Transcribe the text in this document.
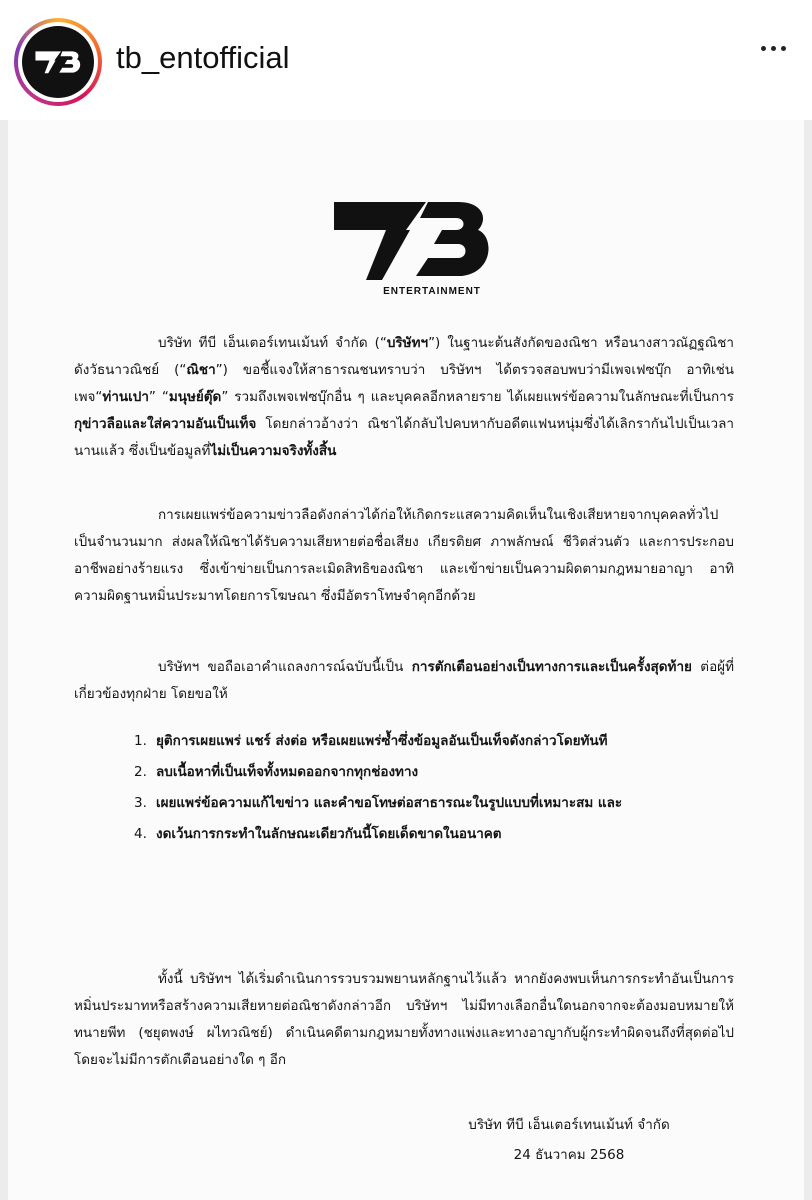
tb_entofficial
ENTERTAINMENT

บริษัท ทีบี เอ็นเตอร์เทนเม้นท์ จำกัด (“บริษัทฯ”) ในฐานะต้นสังกัดของณิชา หรือนางสาวณัฏฐณิชา ดังวัธนาวณิชย์ (“ณิชา”) ขอชี้แจงให้สาธารณชนทราบว่า บริษัทฯ ได้ตรวจสอบพบว่ามีเพจเฟซบุ๊ก อาทิเช่น เพจ“ท่านเปา” “มนุษย์ตุ๊ด” รวมถึงเพจเฟซบุ๊กอื่น ๆ และบุคคลอีกหลายราย ได้เผยแพร่ข้อความในลักษณะที่เป็นการ กุข่าวลือและใส่ความอันเป็นเท็จ โดยกล่าวอ้างว่า ณิชาได้กลับไปคบหากับอดีตแฟนหนุ่มซึ่งได้เลิกรากันไปเป็นเวลานานแล้ว ซึ่งเป็นข้อมูลที่ไม่เป็นความจริงทั้งสิ้น

การเผยแพร่ข้อความข่าวลือดังกล่าวได้ก่อให้เกิดกระแสความคิดเห็นในเชิงเสียหายจากบุคคลทั่วไปเป็นจำนวนมาก ส่งผลให้ณิชาได้รับความเสียหายต่อชื่อเสียง เกียรติยศ ภาพลักษณ์ ชีวิตส่วนตัว และการประกอบอาชีพอย่างร้ายแรง ซึ่งเข้าข่ายเป็นการละเมิดสิทธิของณิชา และเข้าข่ายเป็นความผิดตามกฎหมายอาญา อาทิ ความผิดฐานหมิ่นประมาทโดยการโฆษณา ซึ่งมีอัตราโทษจำคุกอีกด้วย

บริษัทฯ ขอถือเอาคำแถลงการณ์ฉบับนี้เป็น การตักเตือนอย่างเป็นทางการและเป็นครั้งสุดท้าย ต่อผู้ที่เกี่ยวข้องทุกฝ่าย โดยขอให้

1. ยุติการเผยแพร่ แชร์ ส่งต่อ หรือเผยแพร่ซ้ำซึ่งข้อมูลอันเป็นเท็จดังกล่าวโดยทันที
2. ลบเนื้อหาที่เป็นเท็จทั้งหมดออกจากทุกช่องทาง
3. เผยแพร่ข้อความแก้ไขข่าว และคำขอโทษต่อสาธารณะในรูปแบบที่เหมาะสม และ
4. งดเว้นการกระทำในลักษณะเดียวกันนี้โดยเด็ดขาดในอนาคต

ทั้งนี้ บริษัทฯ ได้เริ่มดำเนินการรวบรวมพยานหลักฐานไว้แล้ว หากยังคงพบเห็นการกระทำอันเป็นการหมิ่นประมาทหรือสร้างความเสียหายต่อณิชาดังกล่าวอีก บริษัทฯ ไม่มีทางเลือกอื่นใดนอกจากจะต้องมอบหมายให้ทนายพีท (ชยุตพงษ์ ผไทวณิชย์) ดำเนินคดีตามกฎหมายทั้งทางแพ่งและทางอาญากับผู้กระทำผิดจนถึงที่สุดต่อไป โดยจะไม่มีการตักเตือนอย่างใด ๆ อีก

บริษัท ทีบี เอ็นเตอร์เทนเม้นท์ จำกัด
24 ธันวาคม 2568
